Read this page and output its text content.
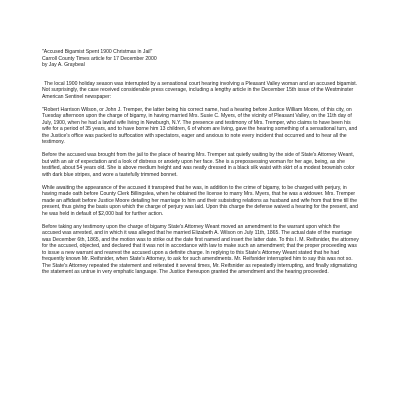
"Accused Bigamist Spent 1900 Christmas in Jail"
Carroll County Times article for 17 December 2000
by Jay A. Graybeal

The local 1900 holiday season was interrupted by a sensational court hearing involving a Pleasant Valley woman and an accused bigamist. Not surprisingly, the case received considerable press coverage, including a lengthy article in the December 15th issue of the Westminster American Sentinel newspaper:

"Robert Harrison Wilson, or John J. Tremper, the latter being his correct name, had a hearing before Justice William Moore, of this city, on Tuesday afternoon upon the charge of bigamy, in having married Mrs. Susie C. Myers, of the vicinity of Pleasant Valley, on the 11th day of July, 1900, when he had a lawful wife living in Newburgh, N.Y. The presence and testimony of Mrs. Tremper, who claims to have been his wife for a period of 35 years, and to have borne him 13 children, 6 of whom are living, gave the hearing something of a sensational turn, and the Justice's office was packed to suffocation with spectators, eager and anxious to note every incident that occurred and to hear all the testimony.

Before the accused was brought from the jail to the place of hearing Mrs. Tremper sat quietly waiting by the side of State's Attorney Weant, but with an air of expectation and a look of distress or anxiety upon her face. She is a prepossessing woman for her age, being, as she testified, about 54 years old. She is above medium height and was neatly dressed in a black silk waist with skirt of a modest brownish color with dark blue stripes, and wore a tastefully trimmed bonnet.

While awaiting the appearance of the accused it transpired that he was, in addition to the crime of bigamy, to be charged with perjury, in having made oath before County Clerk Billingslea, when he obtained the license to marry Mrs. Myers, that he was a widower. Mrs. Tremper made an affidavit before Justice Moore detailing her marriage to him and their subsisting relations as husband and wife from that time till the present, thus giving the basis upon which the charge of perjury was laid. Upon this charge the defense waived a hearing for the present, and he was held in default of $2,000 bail for further action.

Before taking any testimony upon the charge of bigamy State's Attorney Weant moved an amendment to the warrant upon which the accused was arrested, and in which it was alleged that he married Elizabeth A. Wilson on July 11th, 1865. The actual date of the marriage was December 6th, 1865, and the motion was to strike out the date first named and insert the latter date. To this I. M. Reifsnider, the attorney for the accused, objected, and declared that it was not in accordance with law to make such an amendment; that the proper proceeding was to issue a new warrant and rearrest the accused upon a definite charge. In replying to this State's Attorney Weant stated that he had frequently known Mr. Reifsnider, when State's Attorney, to ask for such amendments. Mr. Reifsnider interrupted him to say this was not so. The State's Attorney repeated the statement and reiterated it several times, Mr. Reifsnider as repeatedly interrupting, and finally stigmatizing the statement as untrue in very emphatic language. The Justice thereupon granted the amendment and the hearing proceeded.
